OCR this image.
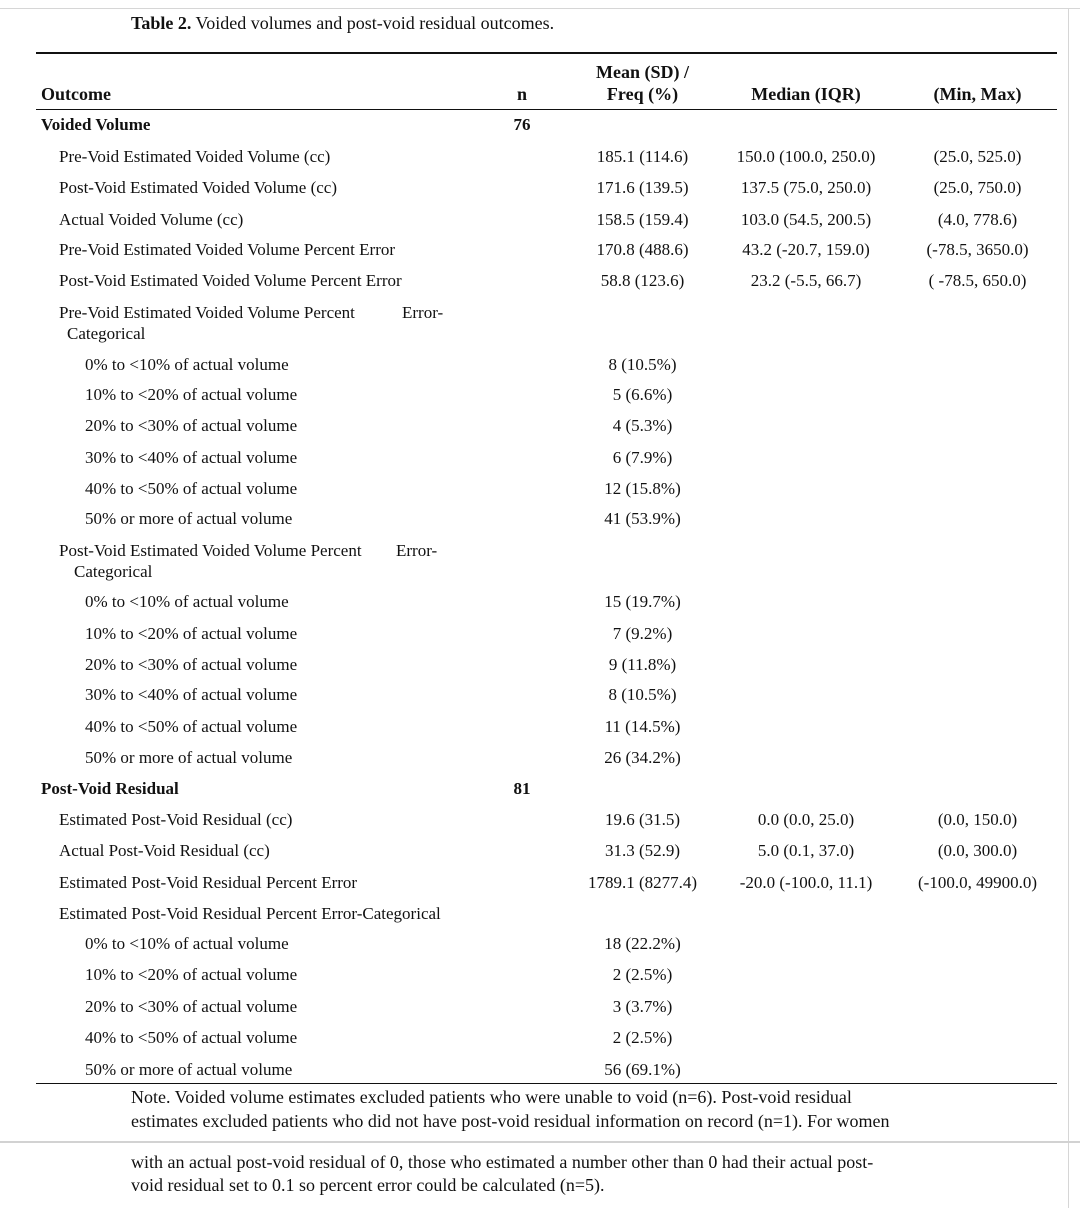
Table 2. Voided volumes and post-void residual outcomes.
Outcome	n
Mean (SD) /
Freq (%)	Median (IQR)	(Min, Max)
Voided Volume	76
Pre-Void Estimated Voided Volume (cc)	185.1 (114.6)	150.0 (100.0, 250.0)	(25.0, 525.0)
Post-Void Estimated Voided Volume (cc)	171.6 (139.5)	137.5 (75.0, 250.0)	(25.0, 750.0)
Actual Voided Volume (cc)	158.5 (159.4)	103.0 (54.5, 200.5)	(4.0, 778.6)
Pre-Void Estimated Voided Volume Percent Error	170.8 (488.6)	43.2 (-20.7, 159.0)	(-78.5, 3650.0)
Post-Void Estimated Voided Volume Percent Error	58.8 (123.6)	23.2 (-5.5, 66.7)	( -78.5, 650.0)
Pre-Void Estimated Voided Volume Percent	Error-
Categorical
0% to <10% of actual volume	8 (10.5%)
10% to <20% of actual volume	5 (6.6%)
20% to <30% of actual volume	4 (5.3%)
30% to <40% of actual volume	6 (7.9%)
40% to <50% of actual volume	12 (15.8%)
50% or more of actual volume	41 (53.9%)
Post-Void Estimated Voided Volume Percent Error-
Categorical
0% to <10% of actual volume	15 (19.7%)
10% to <20% of actual volume	7 (9.2%)
20% to <30% of actual volume	9 (11.8%)
30% to <40% of actual volume	8 (10.5%)
40% to <50% of actual volume	11 (14.5%)
50% or more of actual volume	26 (34.2%)
Post-Void Residual	81
Estimated Post-Void Residual (cc)	19.6 (31.5)	0.0 (0.0, 25.0)	(0.0, 150.0)
Actual Post-Void Residual (cc)	31.3 (52.9)	5.0 (0.1, 37.0)	(0.0, 300.0)
Estimated Post-Void Residual Percent Error	1789.1 (8277.4)	-20.0 (-100.0, 11.1)	(-100.0, 49900.0)
Estimated Post-Void Residual Percent Error-Categorical
0% to <10% of actual volume	18 (22.2%)
10% to <20% of actual volume	2 (2.5%)
20% to <30% of actual volume	3 (3.7%)
40% to <50% of actual volume	2 (2.5%)
50% or more of actual volume	56 (69.1%)
Note. Voided volume estimates excluded patients who were unable to void (n=6). Post-void residual
estimates excluded patients who did not have post-void residual information on record (n=1). For women
with an actual post-void residual of 0, those who estimated a number other than 0 had their actual post-
void residual set to 0.1 so percent error could be calculated (n=5).
